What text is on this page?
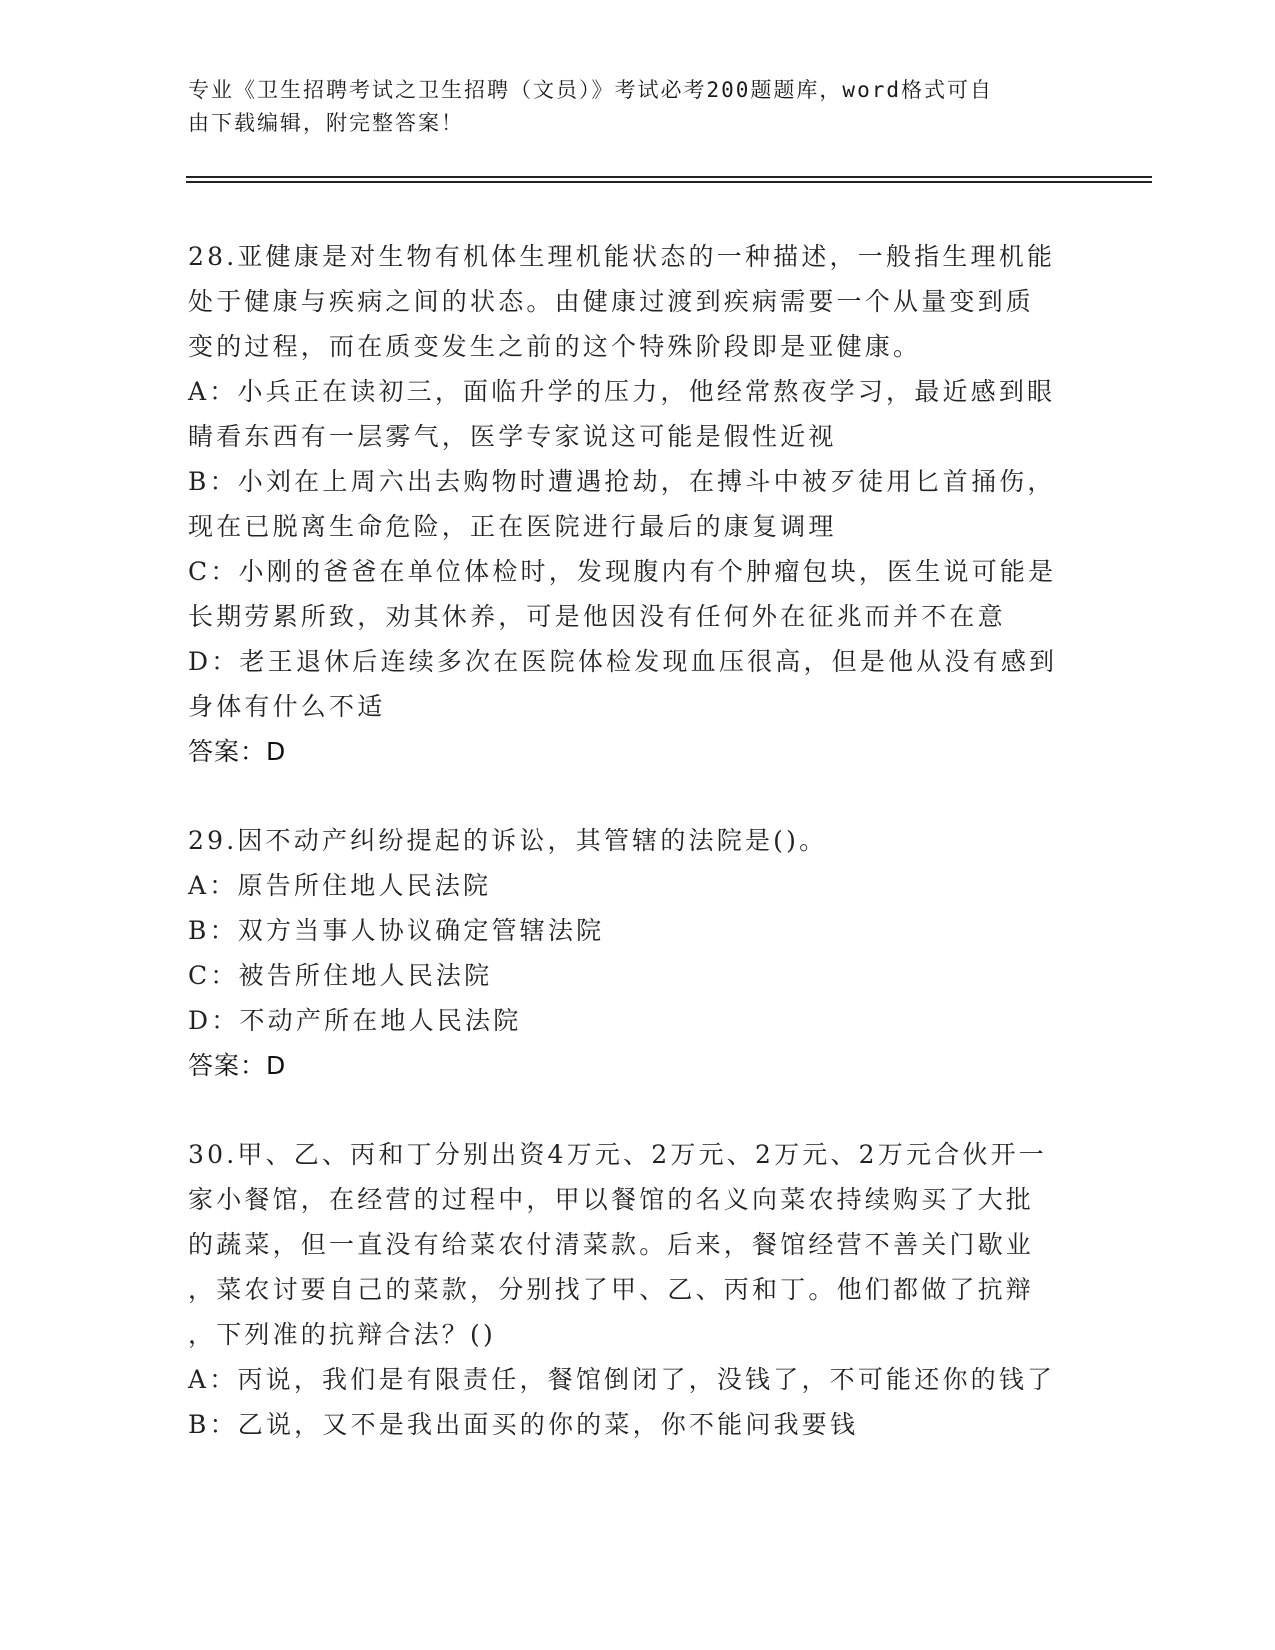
专业《卫生招聘考试之卫生招聘（文员）》考试必考200题题库，word格式可自
由下载编辑，附完整答案！
28.亚健康是对生物有机体生理机能状态的一种描述，一般指生理机能
处于健康与疾病之间的状态。由健康过渡到疾病需要一个从量变到质
变的过程，而在质变发生之前的这个特殊阶段即是亚健康。
A：小兵正在读初三，面临升学的压力，他经常熬夜学习，最近感到眼
睛看东西有一层雾气，医学专家说这可能是假性近视
B：小刘在上周六出去购物时遭遇抢劫，在搏斗中被歹徒用匕首捅伤，
现在已脱离生命危险，正在医院进行最后的康复调理
C：小刚的爸爸在单位体检时，发现腹内有个肿瘤包块，医生说可能是
长期劳累所致，劝其休养，可是他因没有任何外在征兆而并不在意
D：老王退休后连续多次在医院体检发现血压很高，但是他从没有感到
身体有什么不适
答案：D
29.因不动产纠纷提起的诉讼，其管辖的法院是()。
A：原告所住地人民法院
B：双方当事人协议确定管辖法院
C：被告所住地人民法院
D：不动产所在地人民法院
答案：D
30.甲、乙、丙和丁分别出资4万元、2万元、2万元、2万元合伙开一
家小餐馆，在经营的过程中，甲以餐馆的名义向菜农持续购买了大批
的蔬菜，但一直没有给菜农付清菜款。后来，餐馆经营不善关门歇业
，菜农讨要自己的菜款，分别找了甲、乙、丙和丁。他们都做了抗辩
，下列准的抗辩合法？()
A：丙说，我们是有限责任，餐馆倒闭了，没钱了，不可能还你的钱了
B：乙说，又不是我出面买的你的菜，你不能问我要钱
